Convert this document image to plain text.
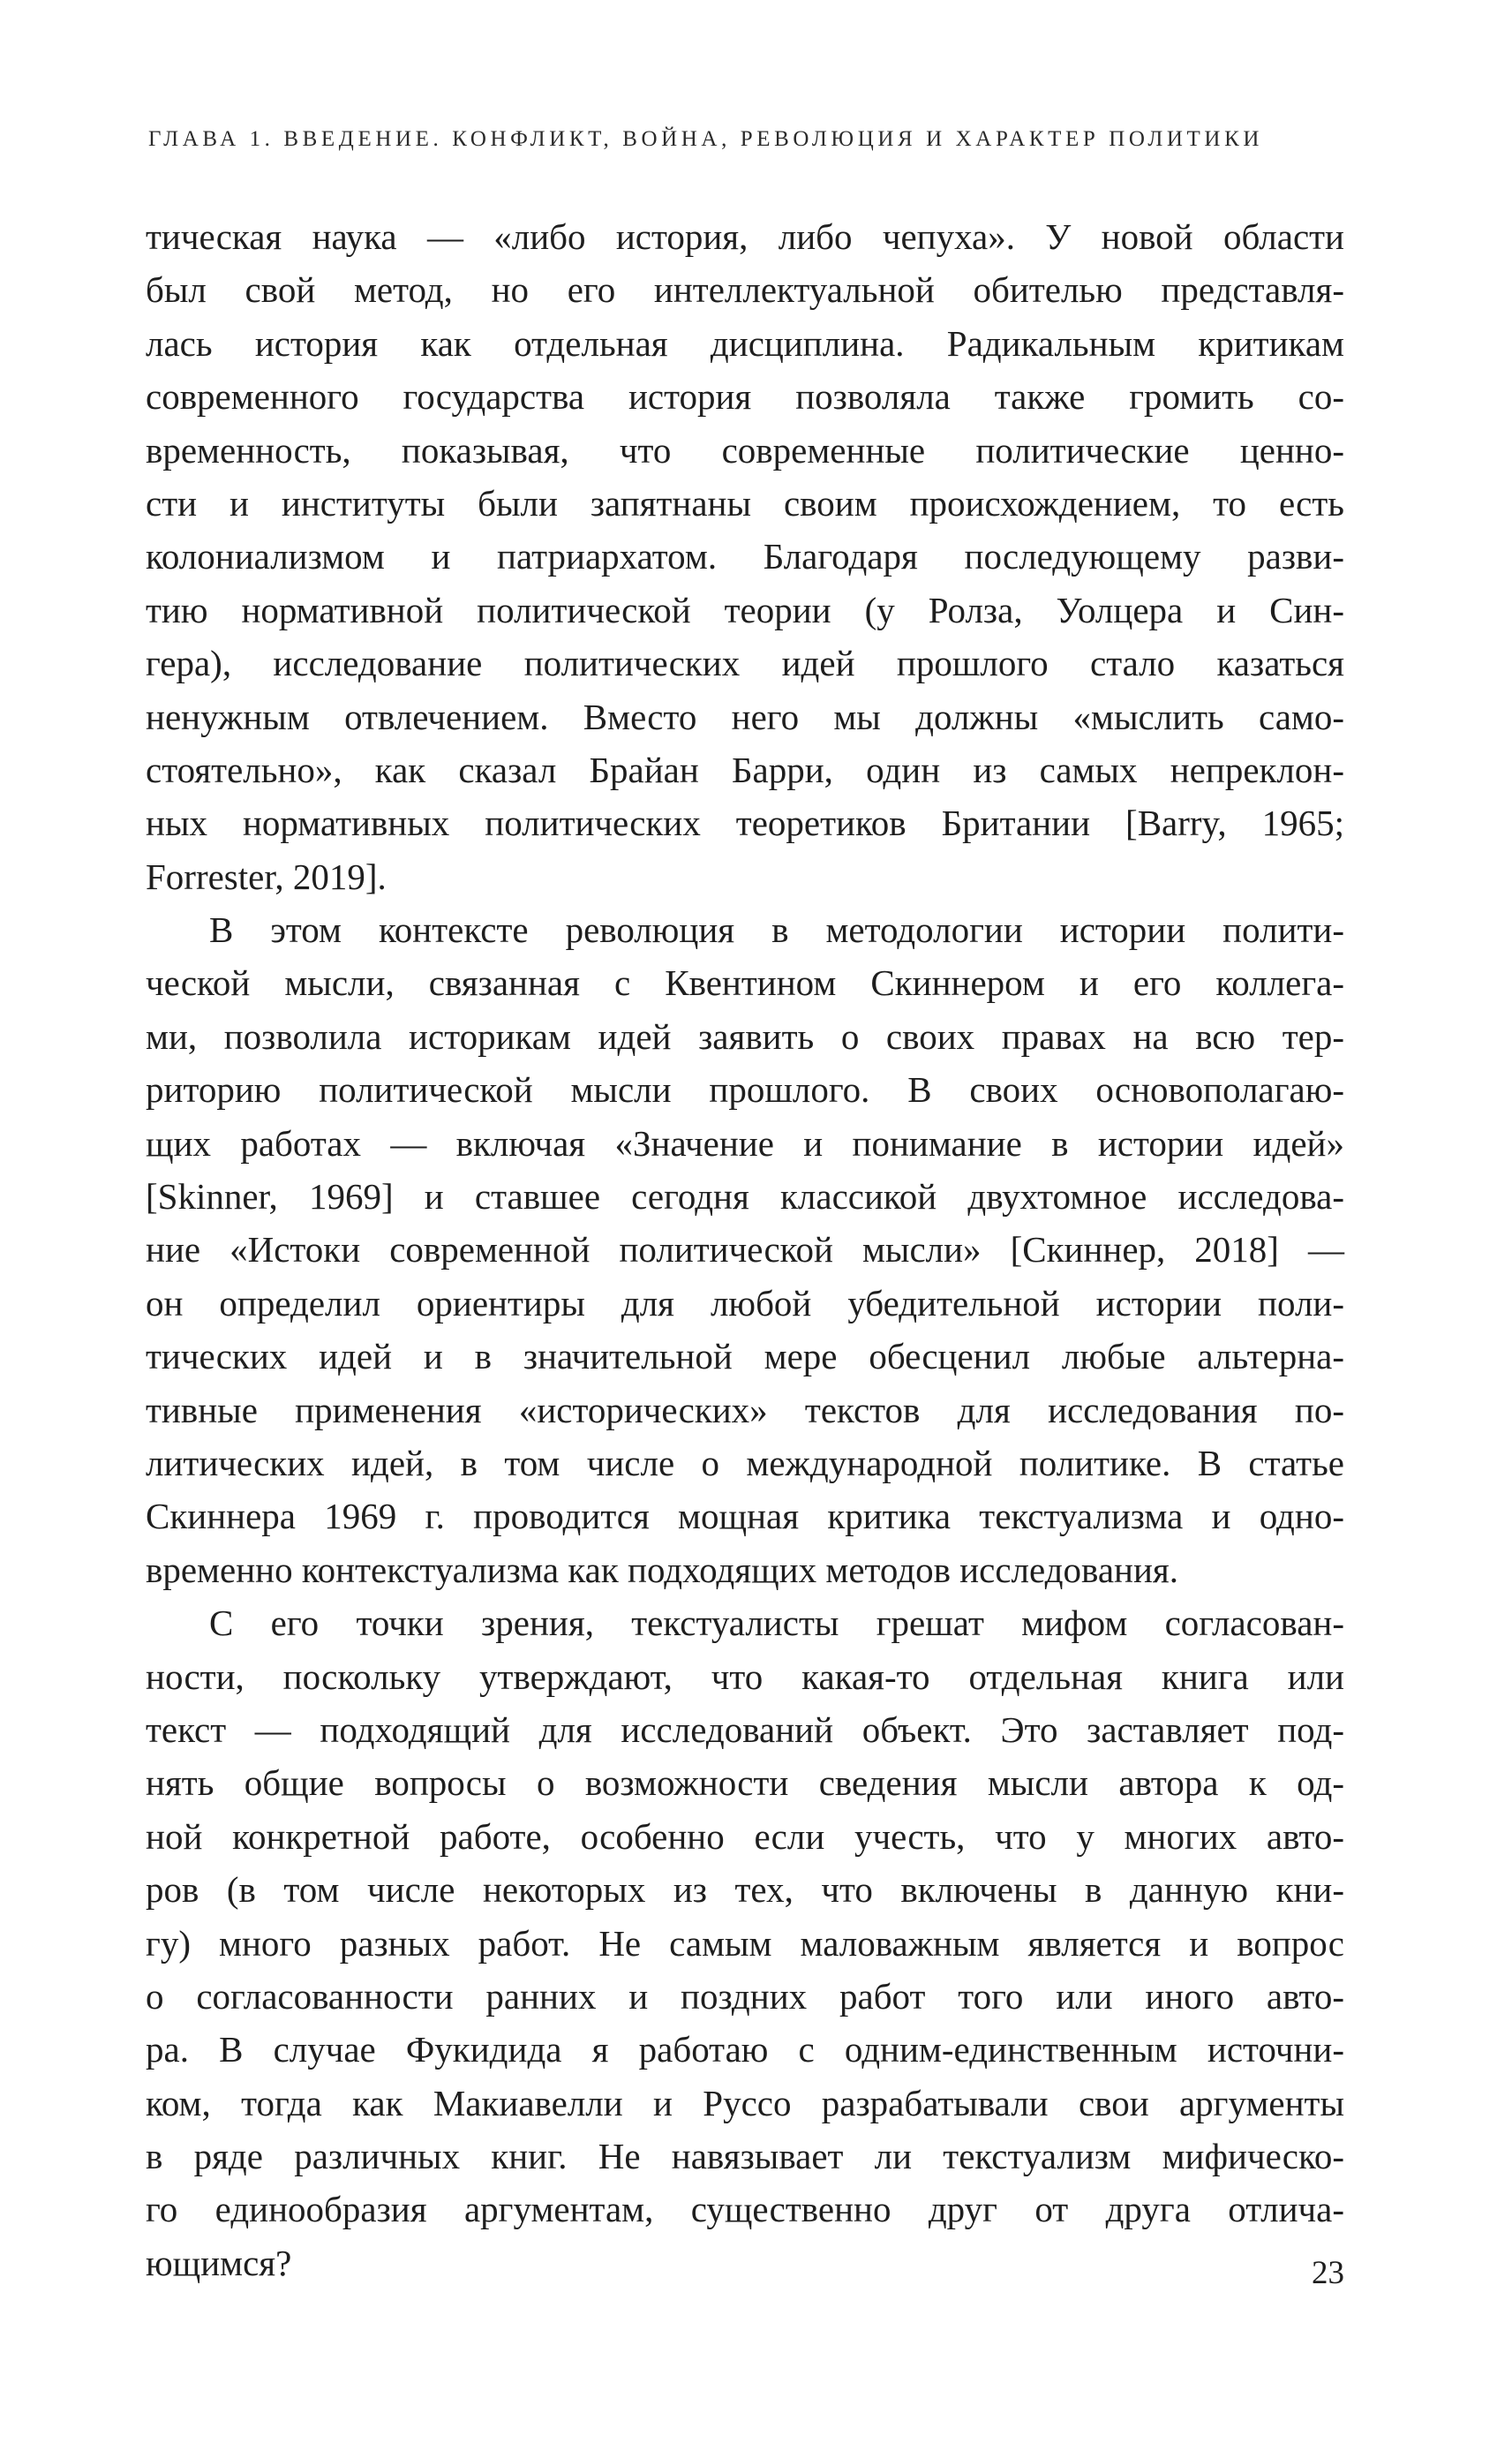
ГЛАВА 1. ВВЕДЕНИЕ. КОНФЛИКТ, ВОЙНА, РЕВОЛЮЦИЯ И ХАРАКТЕР ПОЛИТИКИ
тическая наука — «либо история, либо чепуха». У новой области
был свой метод, но его интеллектуальной обителью представля-
лась история как отдельная дисциплина. Радикальным критикам
современного государства история позволяла также громить со-
временность, показывая, что современные политические ценно-
сти и институты были запятнаны своим происхождением, то есть
колониализмом и патриархатом. Благодаря последующему разви-
тию нормативной политической теории (у Ролза, Уолцера и Син-
гера), исследование политических идей прошлого стало казаться
ненужным отвлечением. Вместо него мы должны «мыслить само-
стоятельно», как сказал Брайан Барри, один из самых непреклон-
ных нормативных политических теоретиков Британии [Barry, 1965;
Forrester, 2019].
В этом контексте революция в методологии истории полити-
ческой мысли, связанная с Квентином Скиннером и его коллега-
ми, позволила историкам идей заявить о своих правах на всю тер-
риторию политической мысли прошлого. В своих основополагаю-
щих работах — включая «Значение и понимание в истории идей»
[Skinner, 1969] и ставшее сегодня классикой двухтомное исследова-
ние «Истоки современной политической мысли» [Скиннер, 2018] —
он определил ориентиры для любой убедительной истории поли-
тических идей и в значительной мере обесценил любые альтерна-
тивные применения «исторических» текстов для исследования по-
литических идей, в том числе о международной политике. В статье
Скиннера 1969 г. проводится мощная критика текстуализма и одно-
временно контекстуализма как подходящих методов исследования.
С его точки зрения, текстуалисты грешат мифом согласован-
ности, поскольку утверждают, что какая-то отдельная книга или
текст — подходящий для исследований объект. Это заставляет под-
нять общие вопросы о возможности сведения мысли автора к од-
ной конкретной работе, особенно если учесть, что у многих авто-
ров (в том числе некоторых из тех, что включены в данную кни-
гу) много разных работ. Не самым маловажным является и вопрос
о согласованности ранних и поздних работ того или иного авто-
ра. В случае Фукидида я работаю с одним-единственным источни-
ком, тогда как Макиавелли и Руссо разрабатывали свои аргументы
в ряде различных книг. Не навязывает ли текстуализм мифическо-
го единообразия аргументам, существенно друг от друга отлича-
ющимся?	23
